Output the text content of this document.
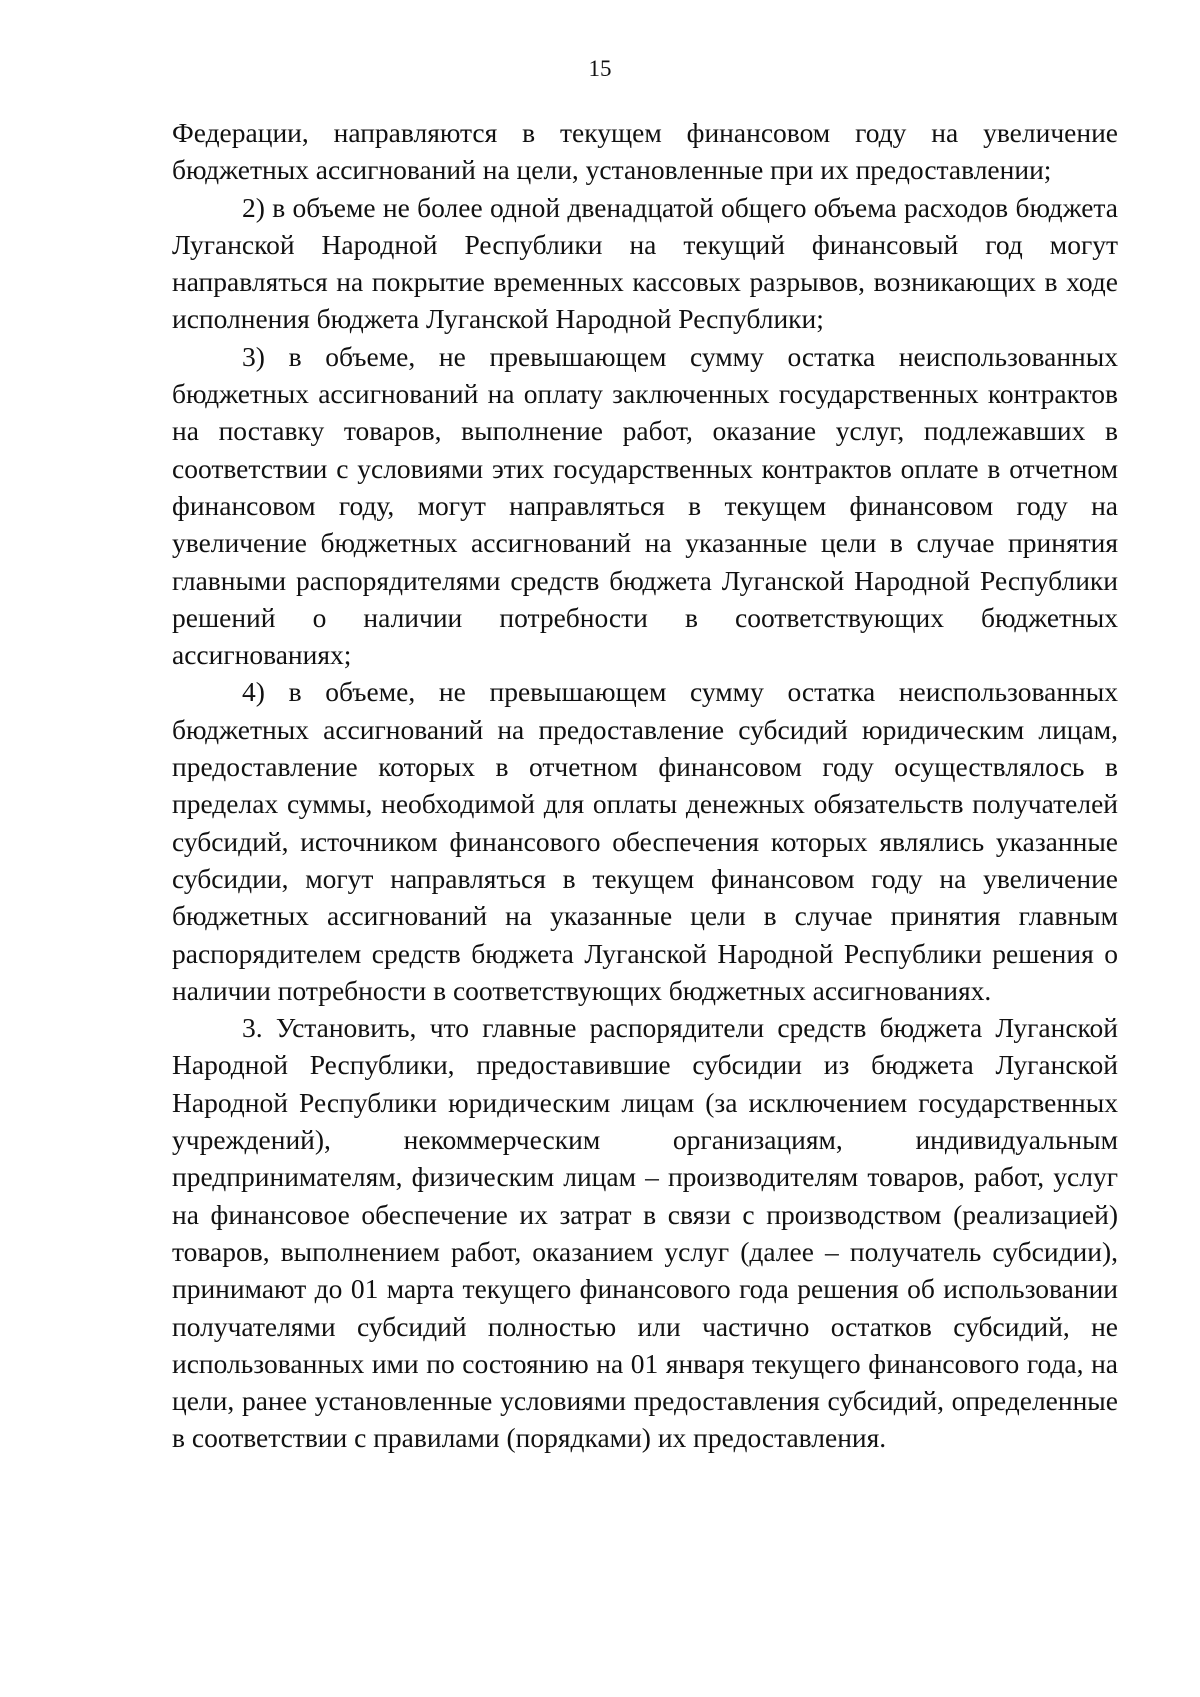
15

Федерации, направляются в текущем финансовом году на увеличение бюджетных ассигнований на цели, установленные при их предоставлении;

2) в объеме не более одной двенадцатой общего объема расходов бюджета Луганской Народной Республики на текущий финансовый год могут направляться на покрытие временных кассовых разрывов, возникающих в ходе исполнения бюджета Луганской Народной Республики;

3) в объеме, не превышающем сумму остатка неиспользованных бюджетных ассигнований на оплату заключенных государственных контрактов на поставку товаров, выполнение работ, оказание услуг, подлежавших в соответствии с условиями этих государственных контрактов оплате в отчетном финансовом году, могут направляться в текущем финансовом году на увеличение бюджетных ассигнований на указанные цели в случае принятия главными распорядителями средств бюджета Луганской Народной Республики решений о наличии потребности в соответствующих бюджетных ассигнованиях;

4) в объеме, не превышающем сумму остатка неиспользованных бюджетных ассигнований на предоставление субсидий юридическим лицам, предоставление которых в отчетном финансовом году осуществлялось в пределах суммы, необходимой для оплаты денежных обязательств получателей субсидий, источником финансового обеспечения которых являлись указанные субсидии, могут направляться в текущем финансовом году на увеличение бюджетных ассигнований на указанные цели в случае принятия главным распорядителем средств бюджета Луганской Народной Республики решения о наличии потребности в соответствующих бюджетных ассигнованиях.

3. Установить, что главные распорядители средств бюджета Луганской Народной Республики, предоставившие субсидии из бюджета Луганской Народной Республики юридическим лицам (за исключением государственных учреждений), некоммерческим организациям, индивидуальным предпринимателям, физическим лицам – производителям товаров, работ, услуг на финансовое обеспечение их затрат в связи с производством (реализацией) товаров, выполнением работ, оказанием услуг (далее – получатель субсидии), принимают до 01 марта текущего финансового года решения об использовании получателями субсидий полностью или частично остатков субсидий, не использованных ими по состоянию на 01 января текущего финансового года, на цели, ранее установленные условиями предоставления субсидий, определенные в соответствии с правилами (порядками) их предоставления.
